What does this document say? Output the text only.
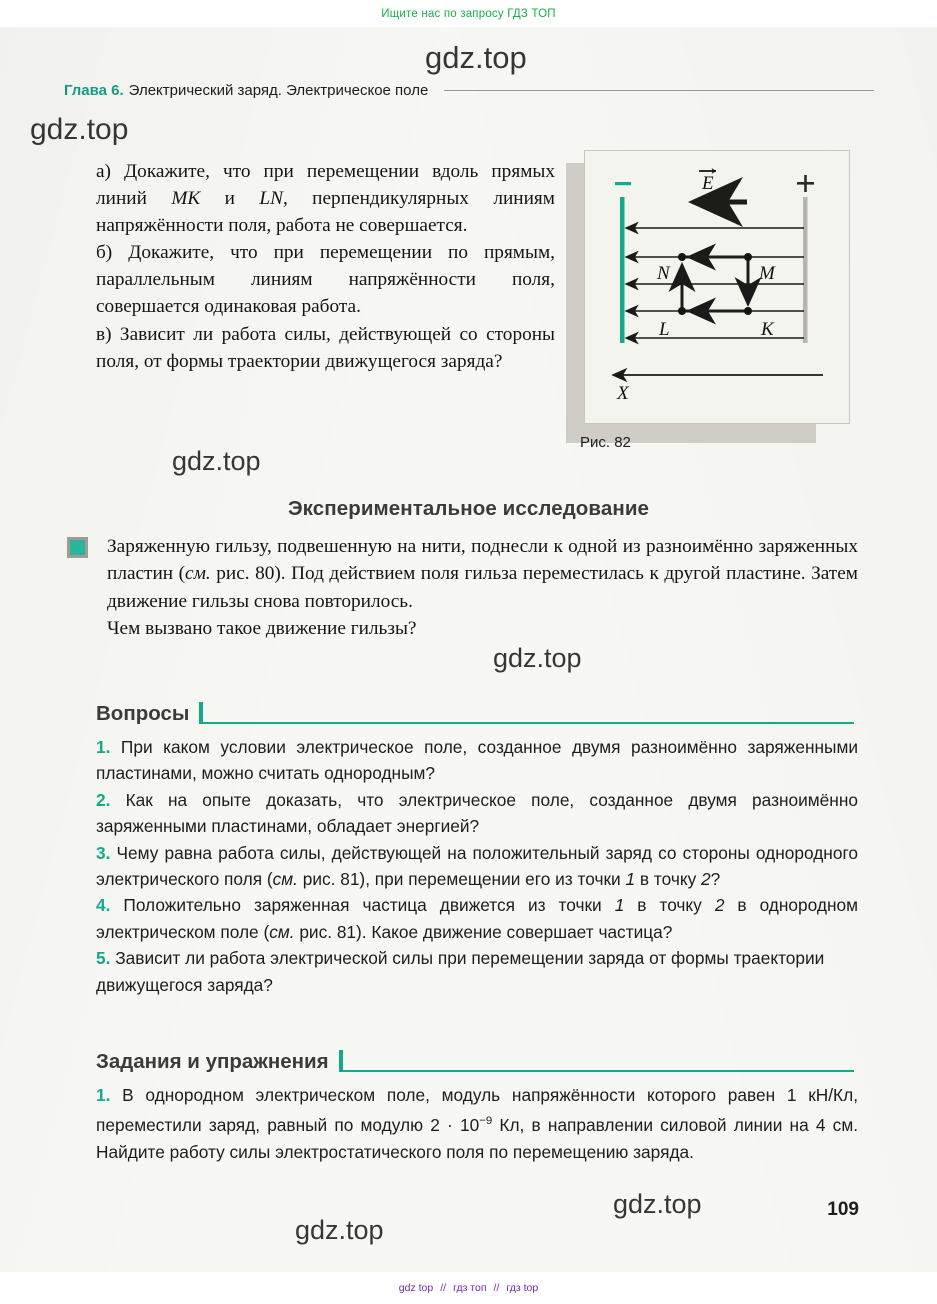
Ищите нас по запросу ГДЗ ТОП
gdz.top
gdz.top
gdz.top
gdz.top
gdz.top
gdz.top
Глава 6. Электрический заряд. Электрическое поле

а) Докажите, что при перемещении вдоль прямых линий MK и LN, перпендикулярных линиям напряжённости поля, работа не совершается.

б) Докажите, что при перемещении по прямым, параллельным линиям напряжённости поля, совершается одинаковая работа.

в) Зависит ли работа силы, действующей со стороны поля, от формы траектории движущегося заряда?

E
N	M
L	K
X
Рис. 82
Экспериментальное исследование

Заряженную гильзу, подвешенную на нити, поднесли к одной из разноимённо заряженных пластин (см. рис. 80). Под действием поля гильза переместилась к другой пластине. Затем движение гильзы снова повторилось.

Чем вызвано такое движение гильзы?

Вопросы

1. При каком условии электрическое поле, созданное двумя разноимённо заряженными пластинами, можно считать однородным?

2. Как на опыте доказать, что электрическое поле, созданное двумя разноимённо заряженными пластинами, обладает энергией?

3. Чему равна работа силы, действующей на положительный заряд со стороны однородного электрического поля (см. рис. 81), при перемещении его из точки 1 в точку 2?

4. Положительно заряженная частица движется из точки 1 в точку 2 в однородном электрическом поле (см. рис. 81). Какое движение совершает частица?

5. Зависит ли работа электрической силы при перемещении заряда от формы траектории движущегося заряда?

Задания и упражнения

1. В однородном электрическом поле, модуль напряжённости которого равен 1 кН/Кл, переместили заряд, равный по модулю $2 \cdot 10^{-9}$ Кл, в направлении силовой линии на 4 см. Найдите работу силы электростатического поля по перемещению заряда.

109
gdz top // гдз топ // гдз top
